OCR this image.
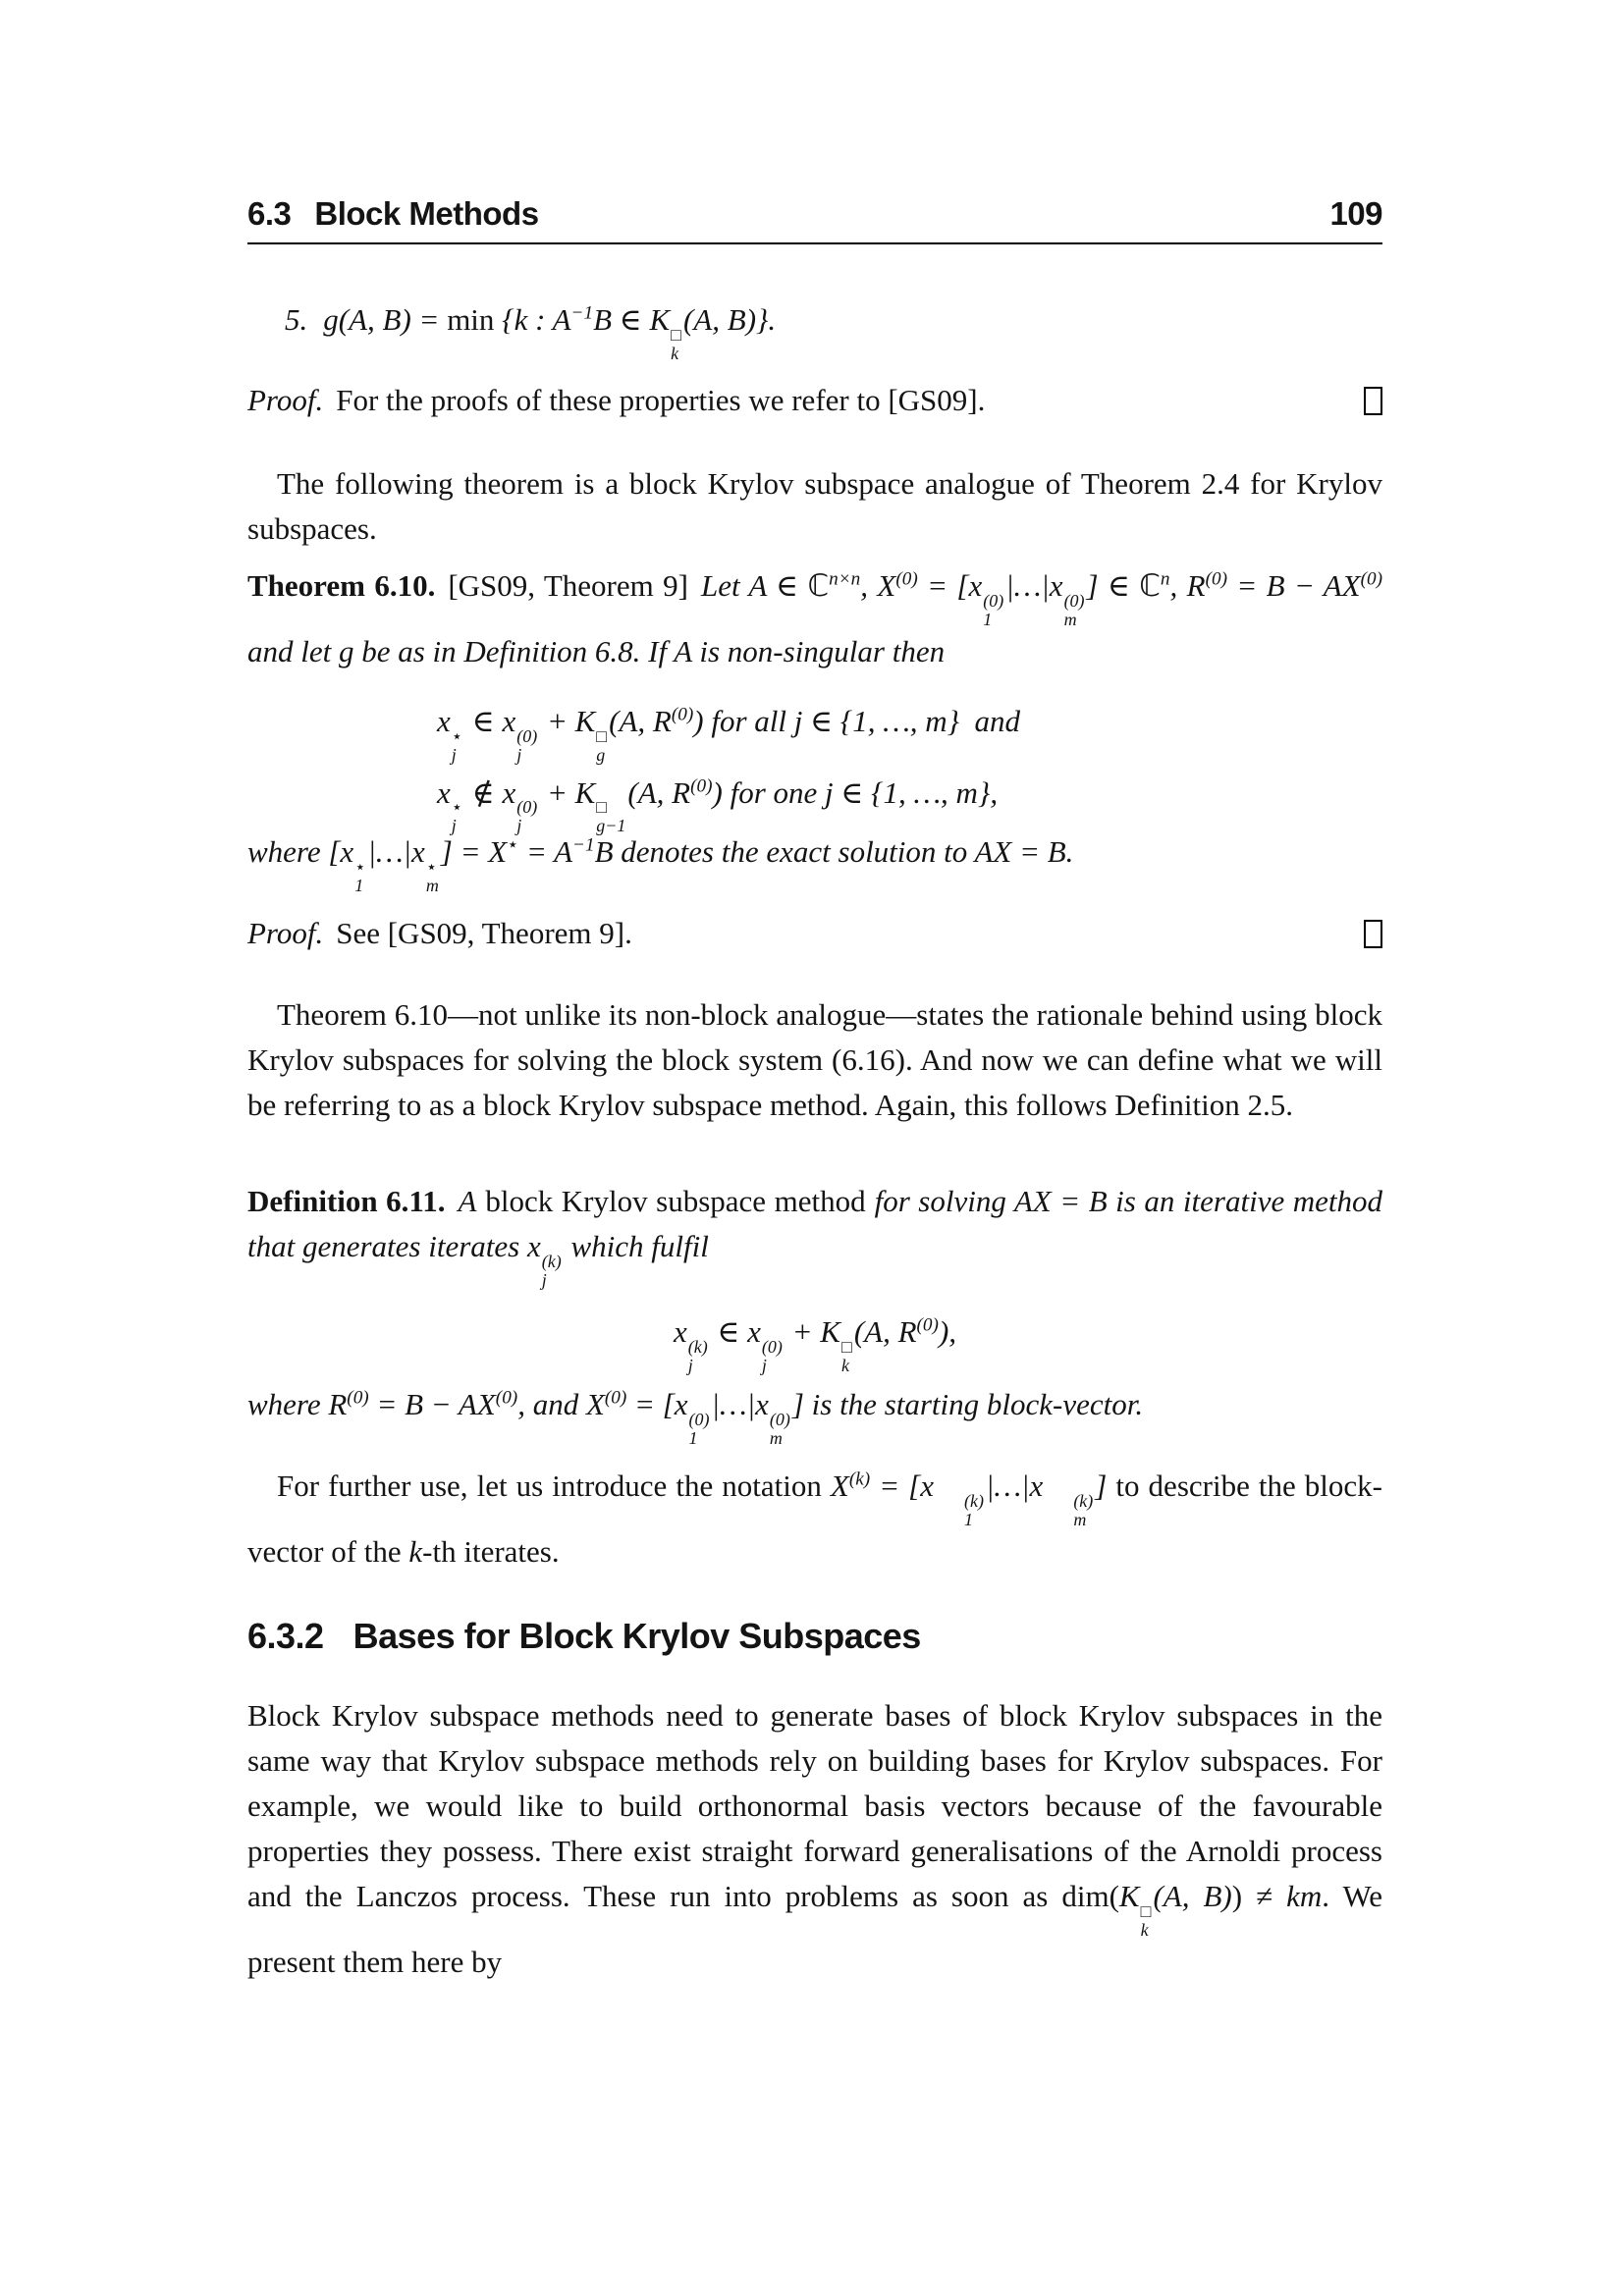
6.3 Block Methods	109
5. g(A, B) = min {k : $A^{-1}B$ ∈ K □
k
(A, B)}.
Proof. For the proofs of these properties we refer to [GS09].
The following theorem is a block Krylov subspace analogue of Theorem 2.4 for Krylov subspaces.
Theorem 6.10. [GS09, Theorem 9] Let A ∈ ℂ$^{n\times n}$, $X^{(0)} = [x$ (0)
1
|…|x (0)
m
] ∈ ℂ$^n$, $R^{(0)} = B - AX^{(0)}$ and let g be as in Definition 6.8. If A is non-singular then
x ⋆
j
∈ x (0)
j
+ K □
g
(A, $R^{(0)}$) for all j ∈ {1, …, m} and
x ⋆
j
∉ x (0)
j
+ K □
g−1
(A, $R^{(0)}$) for one j ∈ {1, …, m},
where [x ⋆
1
|…|x ⋆
m
] = $X^⋆ = A^{-1}B$ denotes the exact solution to AX = B.
Proof. See [GS09, Theorem 9].
Theorem 6.10—not unlike its non-block analogue—states the rationale behind using block Krylov subspaces for solving the block system (6.16). And now we can define what we will be referring to as a block Krylov subspace method. Again, this follows Definition 2.5.
Definition 6.11. A block Krylov subspace method for solving AX = B is an iterative method that generates iterates x (k)
j
which fulfil
x (k)
j
∈ x (0)
j
+ K □
k
(A, $R^{(0)}$),
where $R^{(0)} = B - AX^{(0)}$, and $X^{(0)} = [x$ (0)
1
|…|x (0)
m
] is the starting block-vector.
For further use, let us introduce the notation $X^{(k)} = [x$	(k)
1
|…|x	(k)
m
] to describe the block-vector of the k-th iterates.
6.3.2 Bases for Block Krylov Subspaces
Block Krylov subspace methods need to generate bases of block Krylov subspaces in the same way that Krylov subspace methods rely on building bases for Krylov subspaces. For example, we would like to build orthonormal basis vectors because of the favourable properties they possess. There exist straight forward generalisations of the Arnoldi process and the Lanczos process. These run into problems as soon as dim(K □
k
(A, B)) ≠ km. We present them here by
